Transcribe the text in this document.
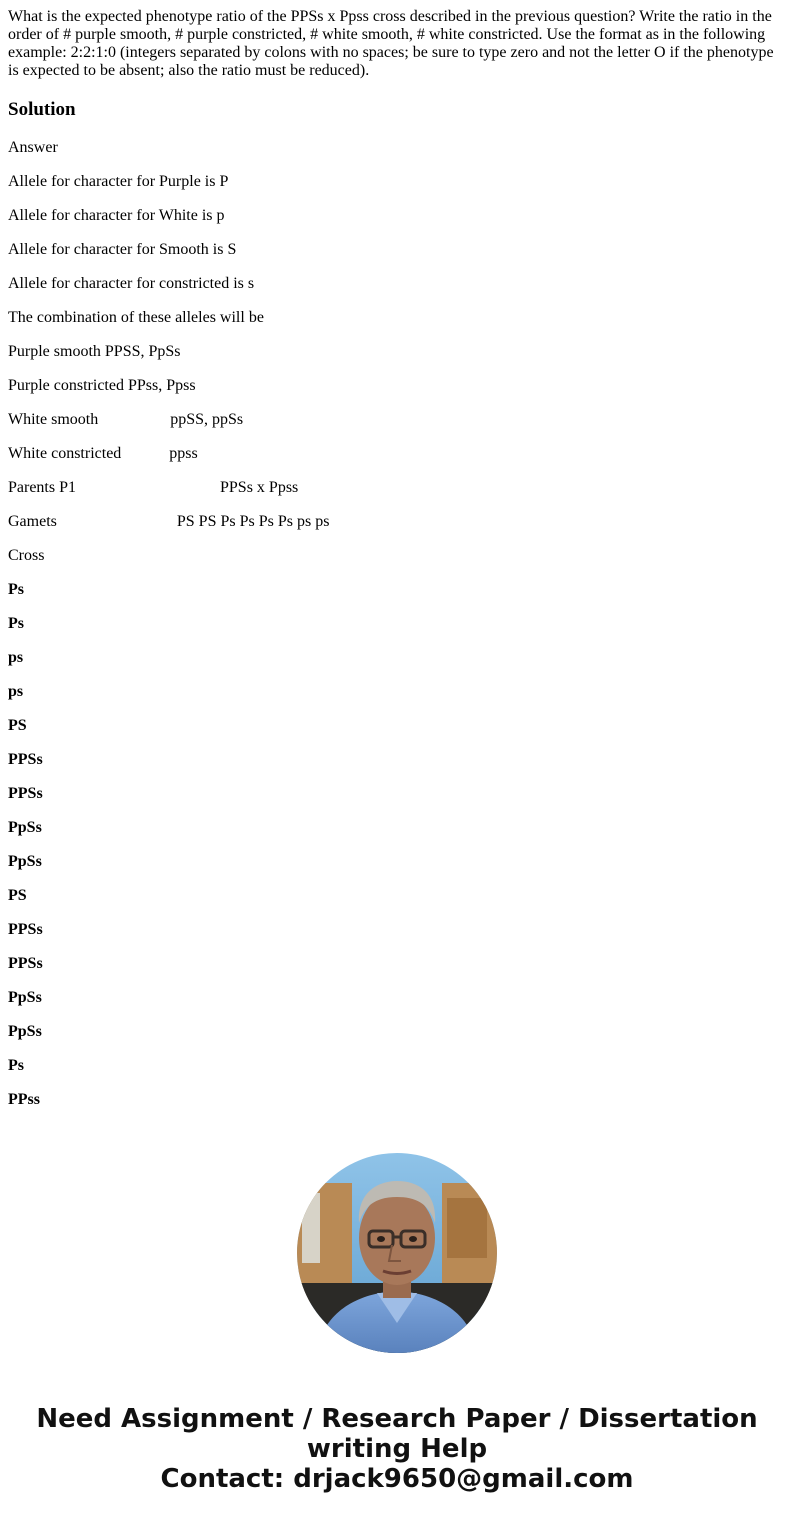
What is the expected phenotype ratio of the PPSs x Ppss cross described in the previous question? Write the ratio in the order of # purple smooth, # purple constricted, # white smooth, # white constricted. Use the format as in the following example: 2:2:1:0 (integers separated by colons with no spaces; be sure to type zero and not the letter O if the phenotype is expected to be absent; also the ratio must be reduced).

Solution

Answer

Allele for character for Purple is P

Allele for character for White is p

Allele for character for Smooth is S

Allele for character for constricted is s

The combination of these alleles will be

Purple smooth PPSS, PpSs

Purple constricted PPss, Ppss

White smooth                  ppSS, ppSs

White constricted            ppss

Parents P1                                    PPSs x Ppss

Gamets                              PS PS Ps Ps Ps Ps ps ps

Cross

Ps

Ps

ps

ps

PS

PPSs

PPSs

PpSs

PpSs

PS

PPSs

PPSs

PpSs

PpSs

Ps

PPss

Need Assignment / Research Paper / Dissertation
writing Help
Contact: drjack9650@gmail.com
